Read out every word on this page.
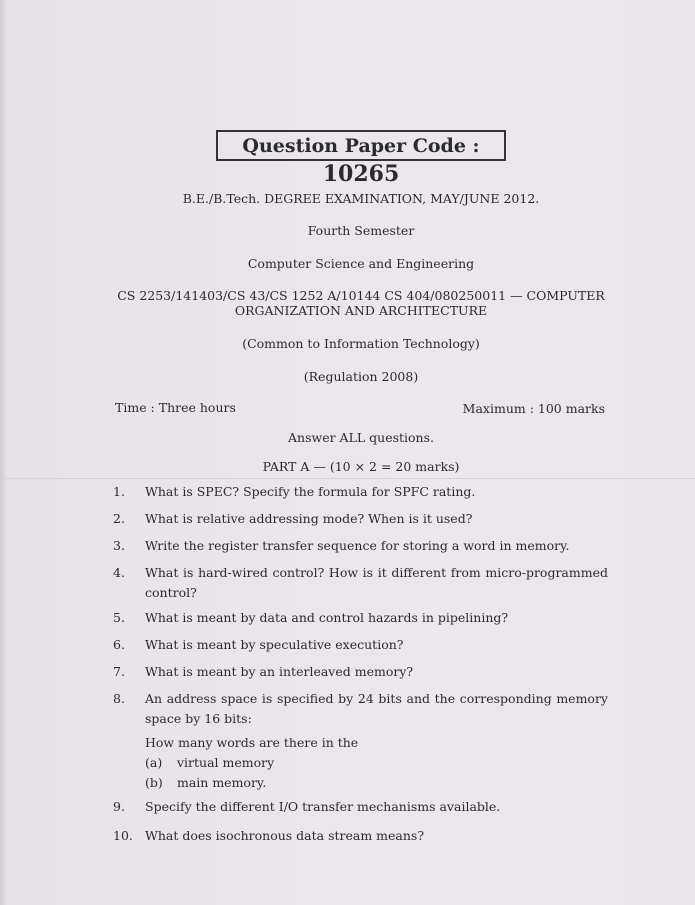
Question Paper Code : 10265
B.E./B.Tech. DEGREE EXAMINATION, MAY/JUNE 2012.
Fourth Semester
Computer Science and Engineering
CS 2253/141403/CS 43/CS 1252 A/10144 CS 404/080250011 — COMPUTER
ORGANIZATION AND ARCHITECTURE
(Common to Information Technology)
(Regulation 2008)
Time : Three hours	Maximum : 100 marks
Answer ALL questions.
PART A — (10 × 2 = 20 marks)
1. What is SPEC? Specify the formula for SPFC rating.
2. What is relative addressing mode? When is it used?
3. Write the register transfer sequence for storing a word in memory.
4. What is hard-wired control? How is it different from micro-programmed control?
5. What is meant by data and control hazards in pipelining?
6. What is meant by speculative execution?
7. What is meant by an interleaved memory?
8. An address space is specified by 24 bits and the corresponding memory space by 16 bits:
How many words are there in the
(a) virtual memory
(b) main memory.
9. Specify the different I/O transfer mechanisms available.
10. What does isochronous data stream means?
